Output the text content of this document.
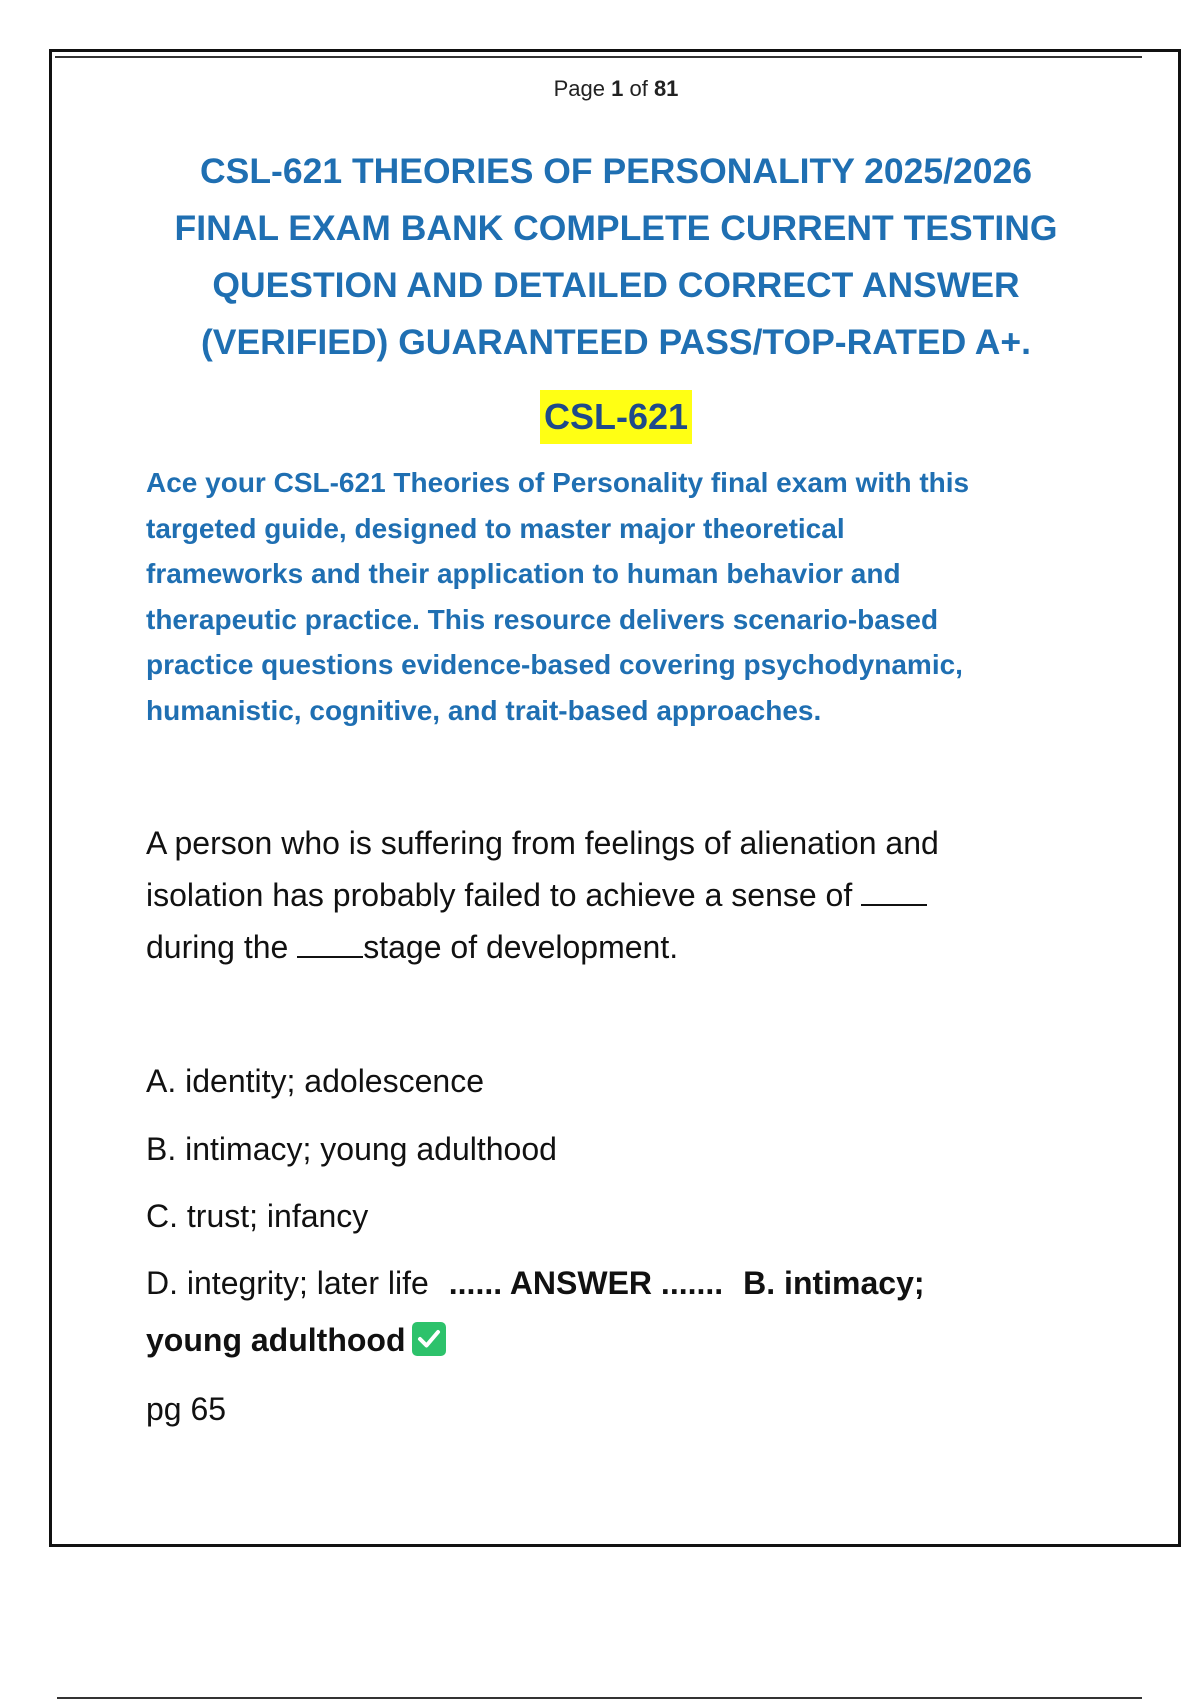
Page 1 of 81
CSL-621 THEORIES OF PERSONALITY 2025/2026
FINAL EXAM BANK COMPLETE CURRENT TESTING
QUESTION AND DETAILED CORRECT ANSWER
(VERIFIED) GUARANTEED PASS/TOP-RATED A+.
CSL-621
Ace your CSL-621 Theories of Personality final exam with this
targeted guide, designed to master major theoretical
frameworks and their application to human behavior and
therapeutic practice. This resource delivers scenario-based
practice questions evidence-based covering psychodynamic,
humanistic, cognitive, and trait-based approaches.
A person who is suffering from feelings of alienation and
isolation has probably failed to achieve a sense of
during the stage of development.
A. identity; adolescence
B. intimacy; young adulthood
C. trust; infancy
D. integrity; later life ...... ANSWER ....... B. intimacy;
young adulthood
pg 65
